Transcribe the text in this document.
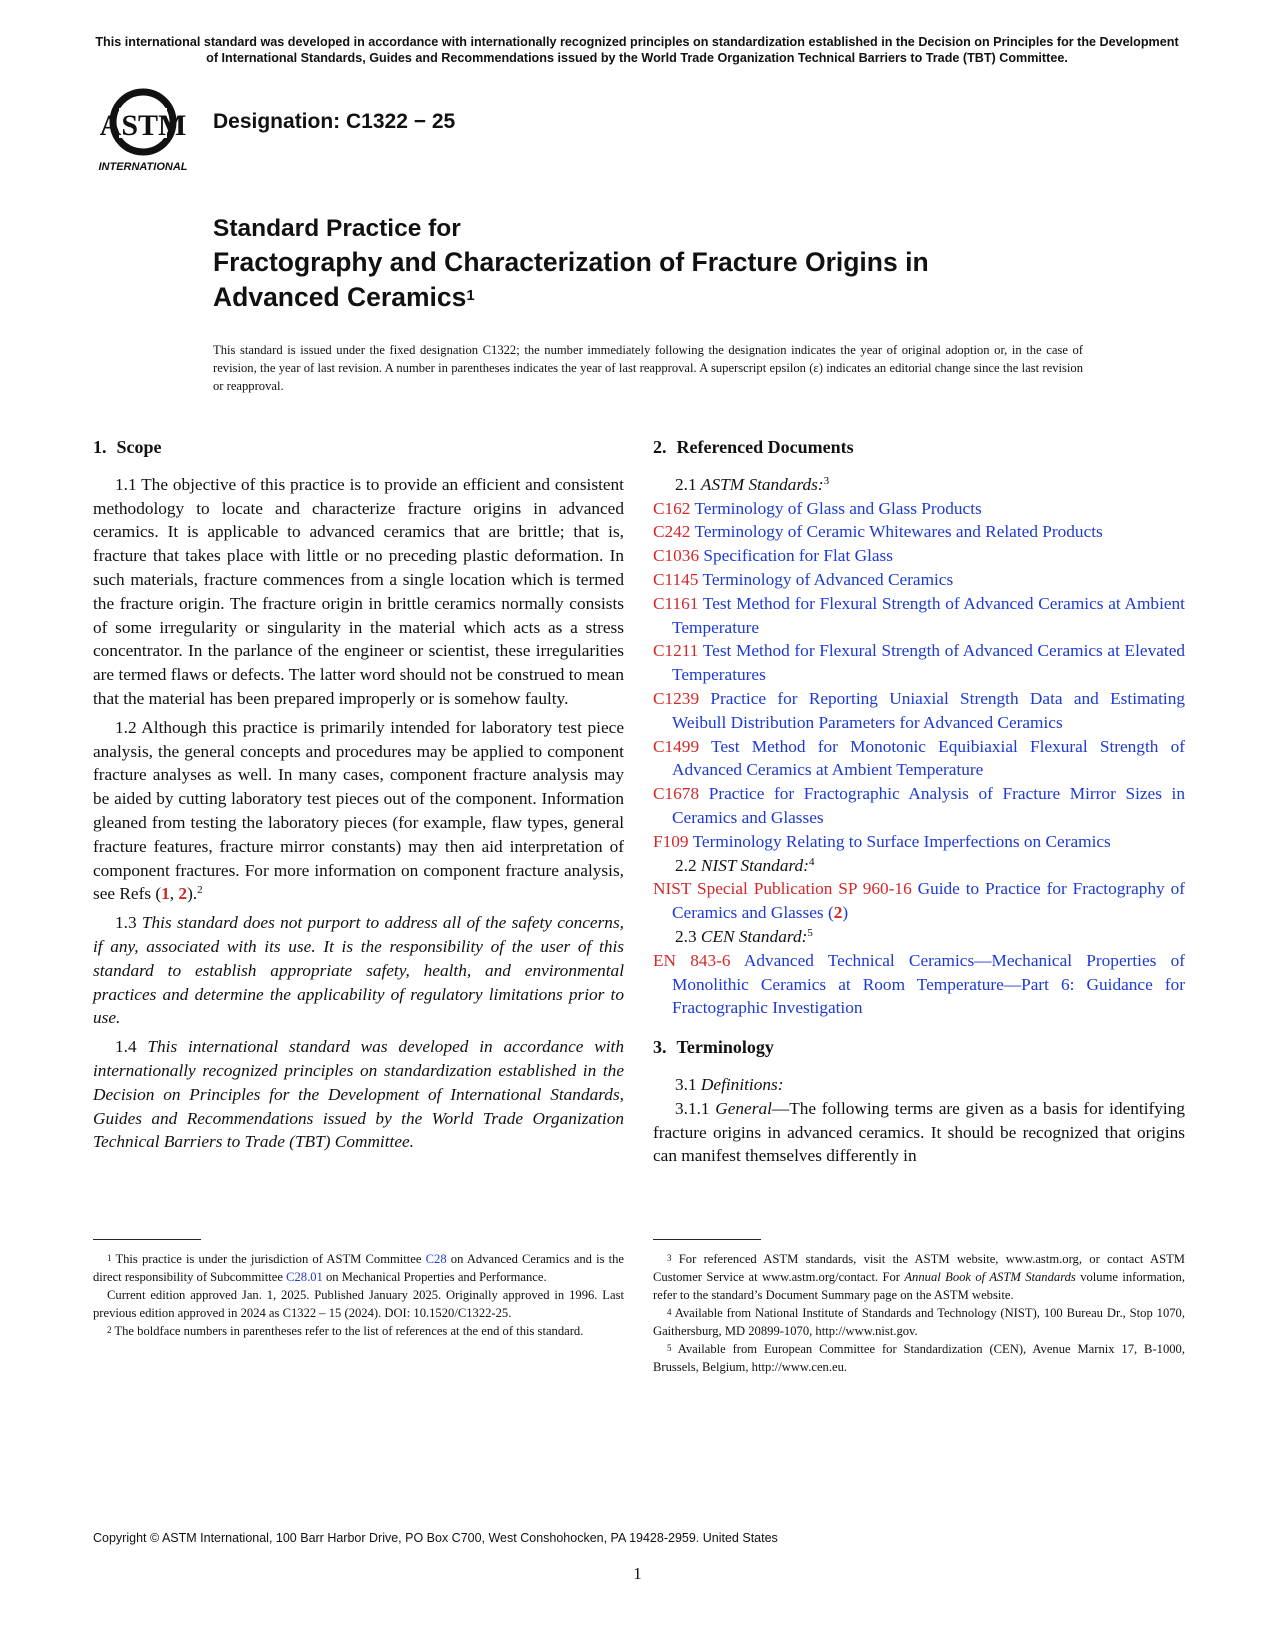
This international standard was developed in accordance with internationally recognized principles on standardization established in the Decision on Principles for the Development of International Standards, Guides and Recommendations issued by the World Trade Organization Technical Barriers to Trade (TBT) Committee.
ASTM
INTERNATIONAL
Designation: C1322 − 25
Standard Practice for
Fractography and Characterization of Fracture Origins in
Advanced Ceramics$^1$
This standard is issued under the fixed designation C1322; the number immediately following the designation indicates the year of original adoption or, in the case of revision, the year of last revision. A number in parentheses indicates the year of last reapproval. A superscript epsilon (ε) indicates an editorial change since the last revision or reapproval.
1. Scope

1.1 The objective of this practice is to provide an efficient and consistent methodology to locate and characterize fracture origins in advanced ceramics. It is applicable to advanced ceramics that are brittle; that is, fracture that takes place with little or no preceding plastic deformation. In such materials, fracture commences from a single location which is termed the fracture origin. The fracture origin in brittle ceramics normally consists of some irregularity or singularity in the material which acts as a stress concentrator. In the parlance of the engineer or scientist, these irregularities are termed flaws or defects. The latter word should not be construed to mean that the material has been prepared improperly or is somehow faulty.

1.2 Although this practice is primarily intended for laboratory test piece analysis, the general concepts and procedures may be applied to component fracture analyses as well. In many cases, component fracture analysis may be aided by cutting laboratory test pieces out of the component. Information gleaned from testing the laboratory pieces (for example, flaw types, general fracture features, fracture mirror constants) may then aid interpretation of component fractures. For more information on component fracture analysis, see Refs (1, 2).$^2$

1.3 This standard does not purport to address all of the safety concerns, if any, associated with its use. It is the responsibility of the user of this standard to establish appropriate safety, health, and environmental practices and determine the applicability of regulatory limitations prior to use.

1.4 This international standard was developed in accordance with internationally recognized principles on standardization established in the Decision on Principles for the Development of International Standards, Guides and Recommendations issued by the World Trade Organization Technical Barriers to Trade (TBT) Committee.

2. Referenced Documents
2.1 ASTM Standards:$^3$

C162 Terminology of Glass and Glass Products

C242 Terminology of Ceramic Whitewares and Related Products

C1036 Specification for Flat Glass

C1145 Terminology of Advanced Ceramics

C1161 Test Method for Flexural Strength of Advanced Ceramics at Ambient Temperature

C1211 Test Method for Flexural Strength of Advanced Ceramics at Elevated Temperatures

C1239 Practice for Reporting Uniaxial Strength Data and Estimating Weibull Distribution Parameters for Advanced Ceramics

C1499 Test Method for Monotonic Equibiaxial Flexural Strength of Advanced Ceramics at Ambient Temperature

C1678 Practice for Fractographic Analysis of Fracture Mirror Sizes in Ceramics and Glasses

F109 Terminology Relating to Surface Imperfections on Ceramics

2.2 NIST Standard:$^4$

NIST Special Publication SP 960-16 Guide to Practice for Fractography of Ceramics and Glasses (2)

2.3 CEN Standard:$^5$

EN 843-6 Advanced Technical Ceramics—Mechanical Properties of Monolithic Ceramics at Room Temperature—Part 6: Guidance for Fractographic Investigation

3. Terminology
3.1 Definitions:

3.1.1 General—The following terms are given as a basis for identifying fracture origins in advanced ceramics. It should be recognized that origins can manifest themselves differently in

$^1$ This practice is under the jurisdiction of ASTM Committee C28 on Advanced Ceramics and is the direct responsibility of Subcommittee C28.01 on Mechanical Properties and Performance.

Current edition approved Jan. 1, 2025. Published January 2025. Originally approved in 1996. Last previous edition approved in 2024 as C1322 – 15 (2024). DOI: 10.1520/C1322-25.

$^2$ The boldface numbers in parentheses refer to the list of references at the end of this standard.

$^3$ For referenced ASTM standards, visit the ASTM website, www.astm.org, or contact ASTM Customer Service at www.astm.org/contact. For Annual Book of ASTM Standards volume information, refer to the standard’s Document Summary page on the ASTM website.

$^4$ Available from National Institute of Standards and Technology (NIST), 100 Bureau Dr., Stop 1070, Gaithersburg, MD 20899-1070, http://www.nist.gov.

$^5$ Available from European Committee for Standardization (CEN), Avenue Marnix 17, B-1000, Brussels, Belgium, http://www.cen.eu.

Copyright © ASTM International, 100 Barr Harbor Drive, PO Box C700, West Conshohocken, PA 19428-2959. United States
1
